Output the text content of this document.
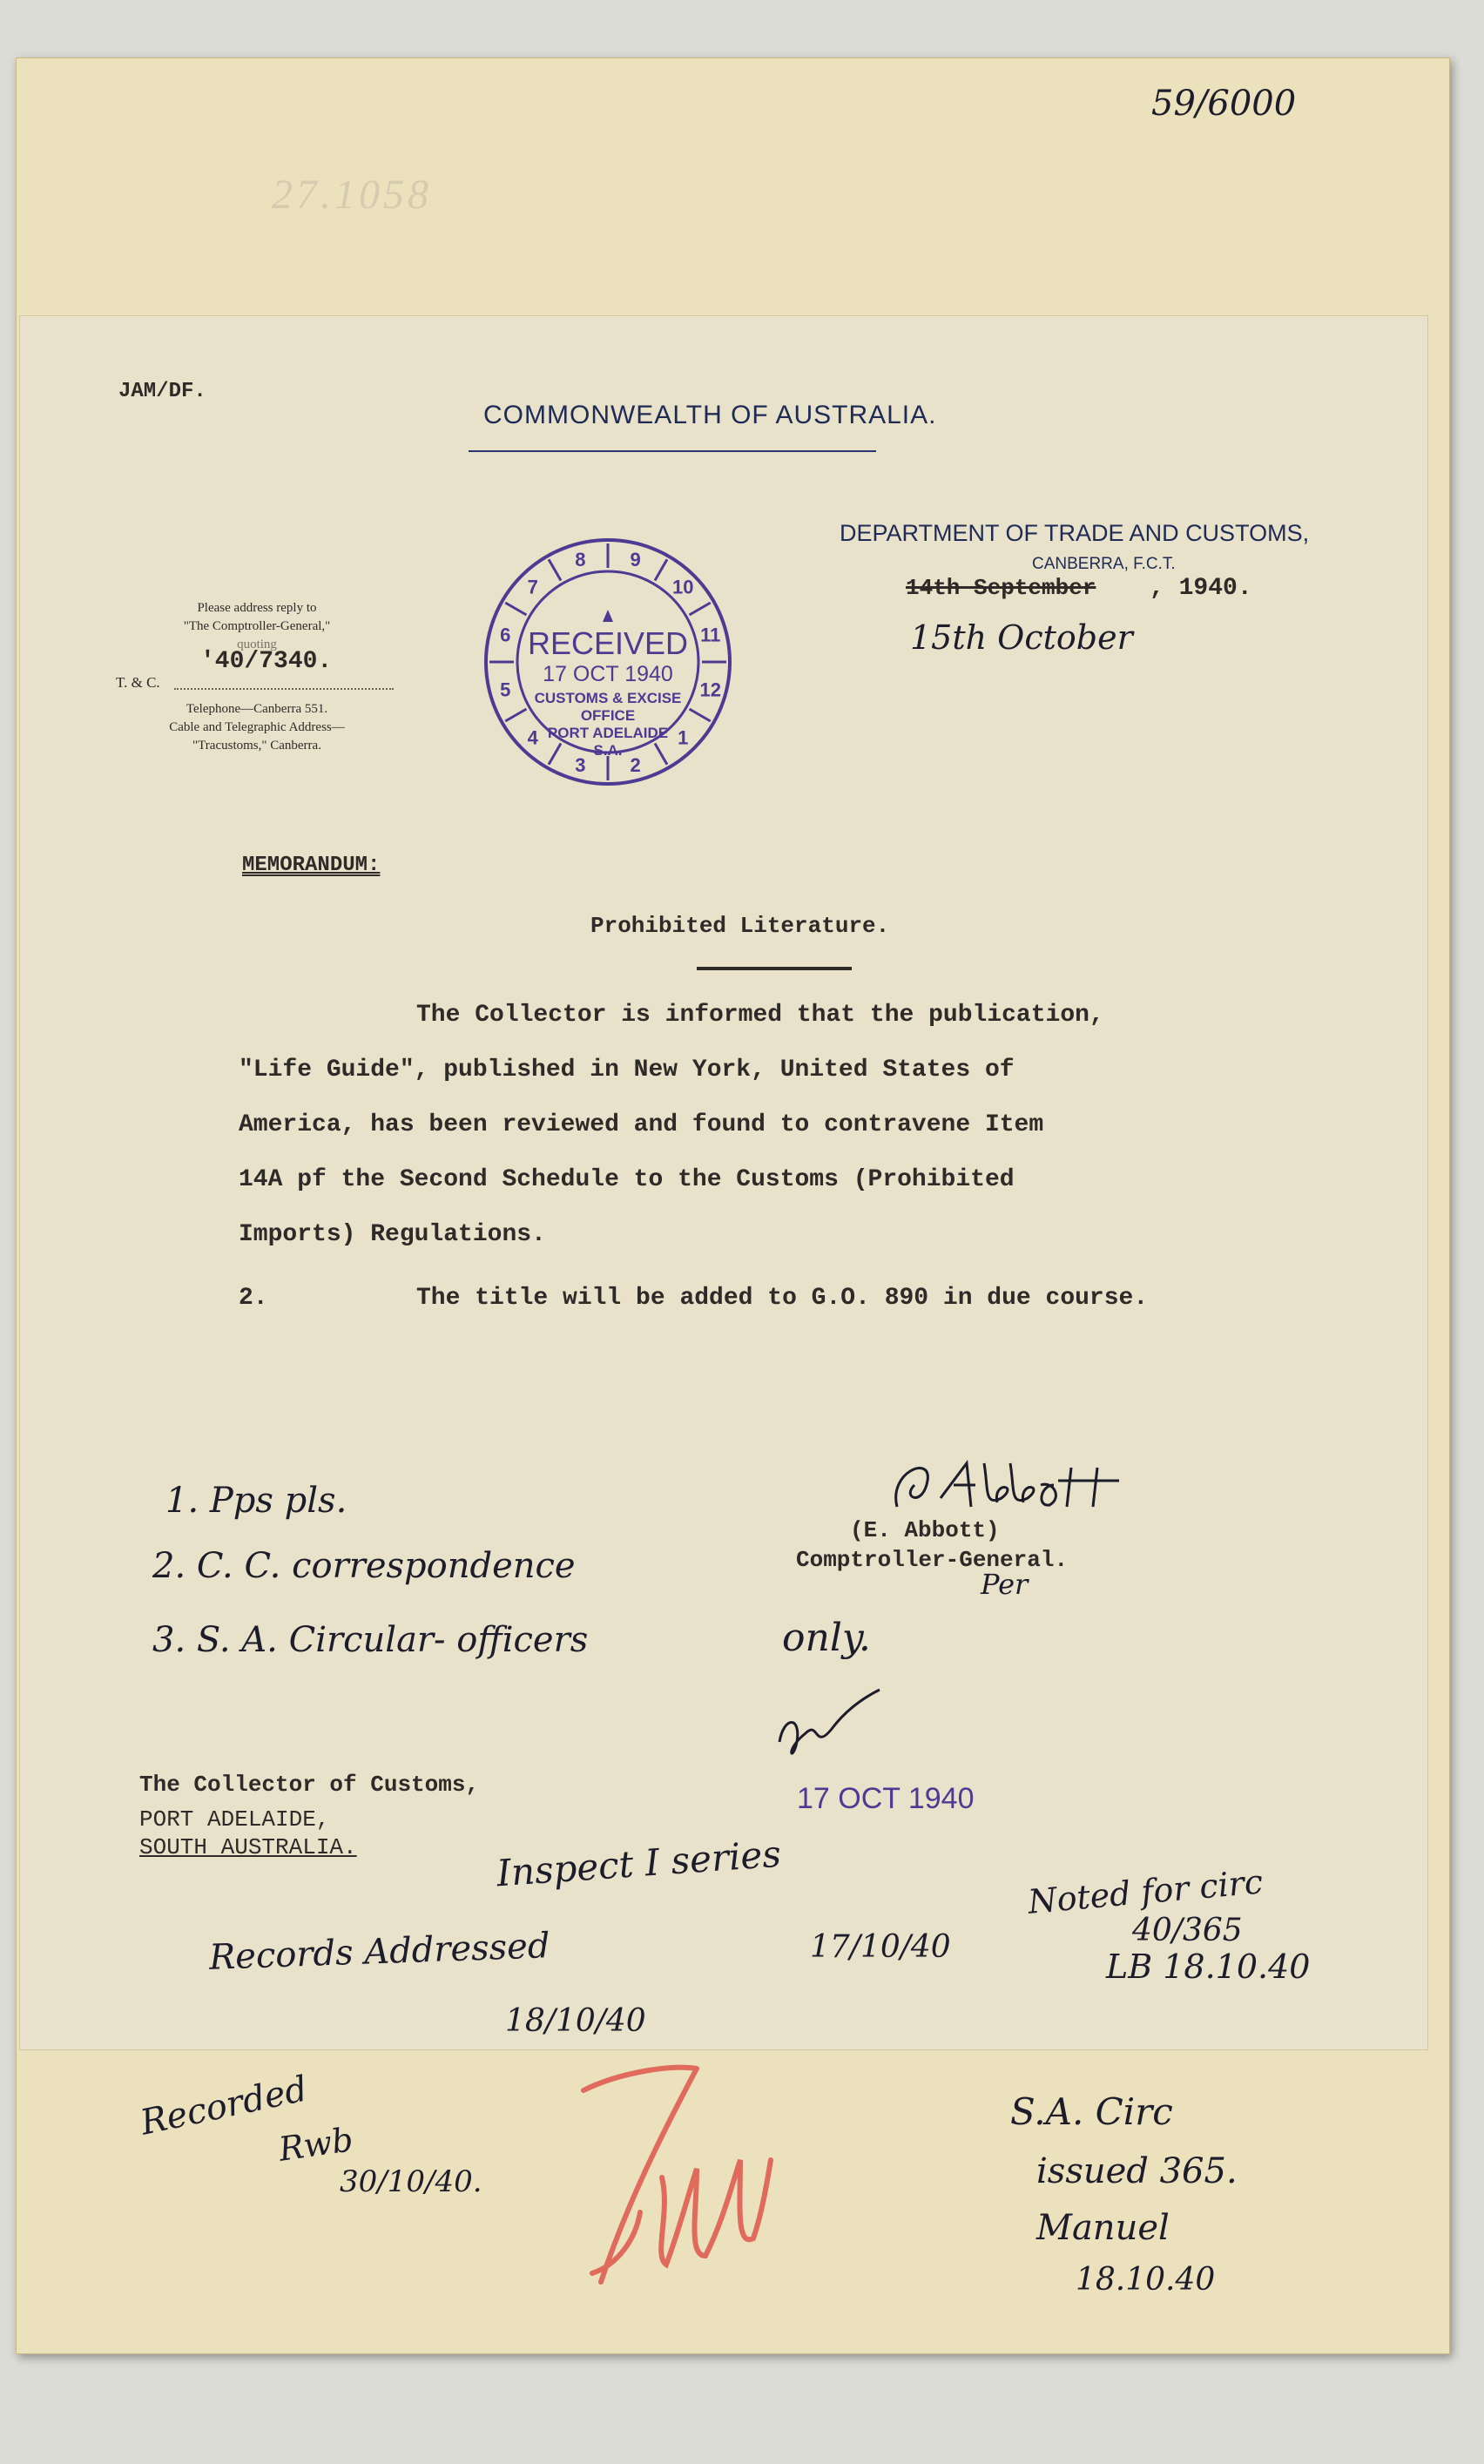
59/6000
27.1058
JAM/DF.
COMMONWEALTH OF AUSTRALIA.
DEPARTMENT OF TRADE AND CUSTOMS,
CANBERRA, F.C.T.
14th September , 1940.
15th October
Please address reply to
"The Comptroller-General,"
quoting
T. & C.
'40/7340.
Telephone—Canberra 551.
Cable and Telegraphic Address—
"Tracustoms," Canberra.
9
10
11
12
1
2
3
4
5
6
7
8
RECEIVED
17 OCT 1940
CUSTOMS & EXCISE
OFFICE
PORT ADELAIDE
S.A.
MEMORANDUM:
Prohibited Literature.
The Collector is informed that the publication,
"Life Guide", published in New York, United States of
America, has been reviewed and found to contravene Item
14A pf the Second Schedule to the Customs (Prohibited
Imports) Regulations.
2.	The title will be added to G.O. 890 in due course.
(E. Abbott)
Comptroller-General.
Per
1. Pps pls.
2. C. C. correspondence
3. S. A. Circular- officers	only.
17 OCT 1940
The Collector of Customs,
PORT ADELAIDE,
SOUTH AUSTRALIA.	Inspect I series
17/10/40
Noted for circ
40/365
LB 18.10.40
Records Addressed
18/10/40
Recorded
Rwb
30/10/40.
S.A. Circ
issued 365.
Manuel
18.10.40
